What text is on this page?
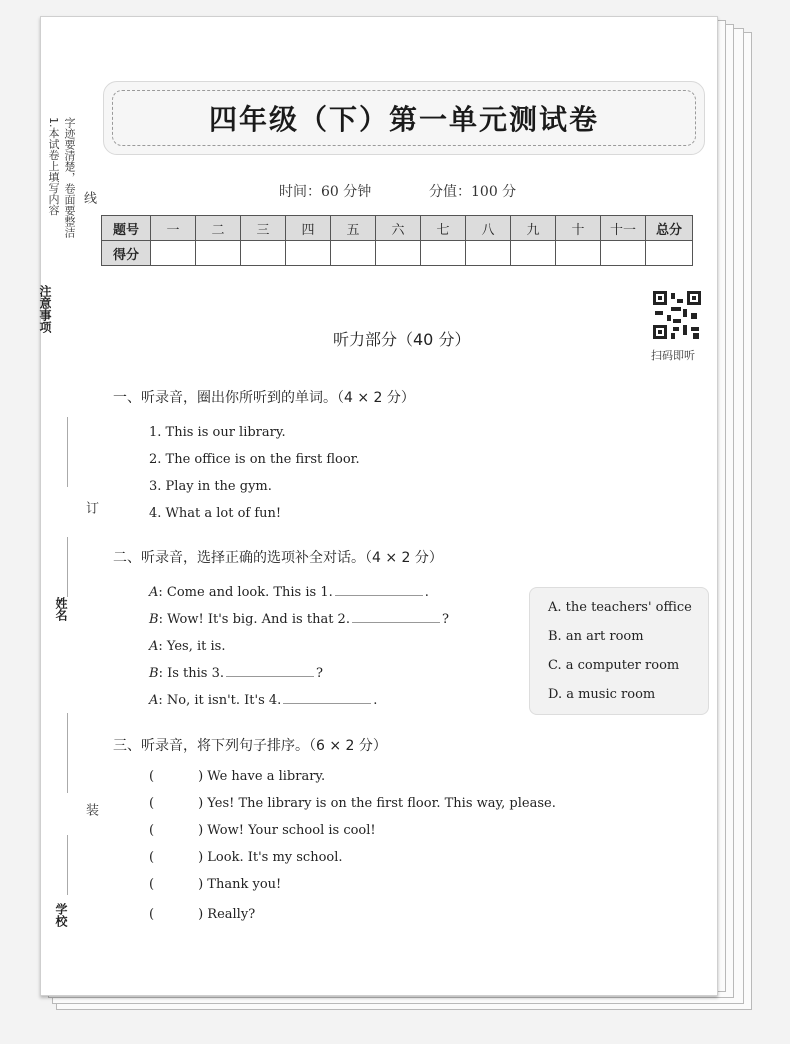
1.本试卷上填写内容 字迹要清楚，卷面要整洁 线
注意事项
订
姓名
装
学校
四年级（下）第一单元测试卷
时间：60 分钟	分值：100 分
题号	一	二	三	四	五	六	七	八	九	十	十一	总分
得分												
扫码即听
听力部分（40 分）
一、听录音，圈出你所听到的单词。（4 × 2 分）
1. This is our library.
2. The office is on the first floor.
3. Play in the gym.
4. What a lot of fun!
二、听录音，选择正确的选项补全对话。（4 × 2 分）
A: Come and look. This is 1.	.
B: Wow! It's big. And is that 2.	?
A: Yes, it is.
B: Is this 3.	?
A: No, it isn't. It's 4.	.
A. the teachers' office
B. an art room
C. a computer room
D. a music room
三、听录音，将下列句子排序。（6 × 2 分）
(	) We have a library.
(	) Yes! The library is on the first floor. This way, please.
(	) Wow! Your school is cool!
(	) Look. It's my school.
(	) Thank you!
(	) Really?
